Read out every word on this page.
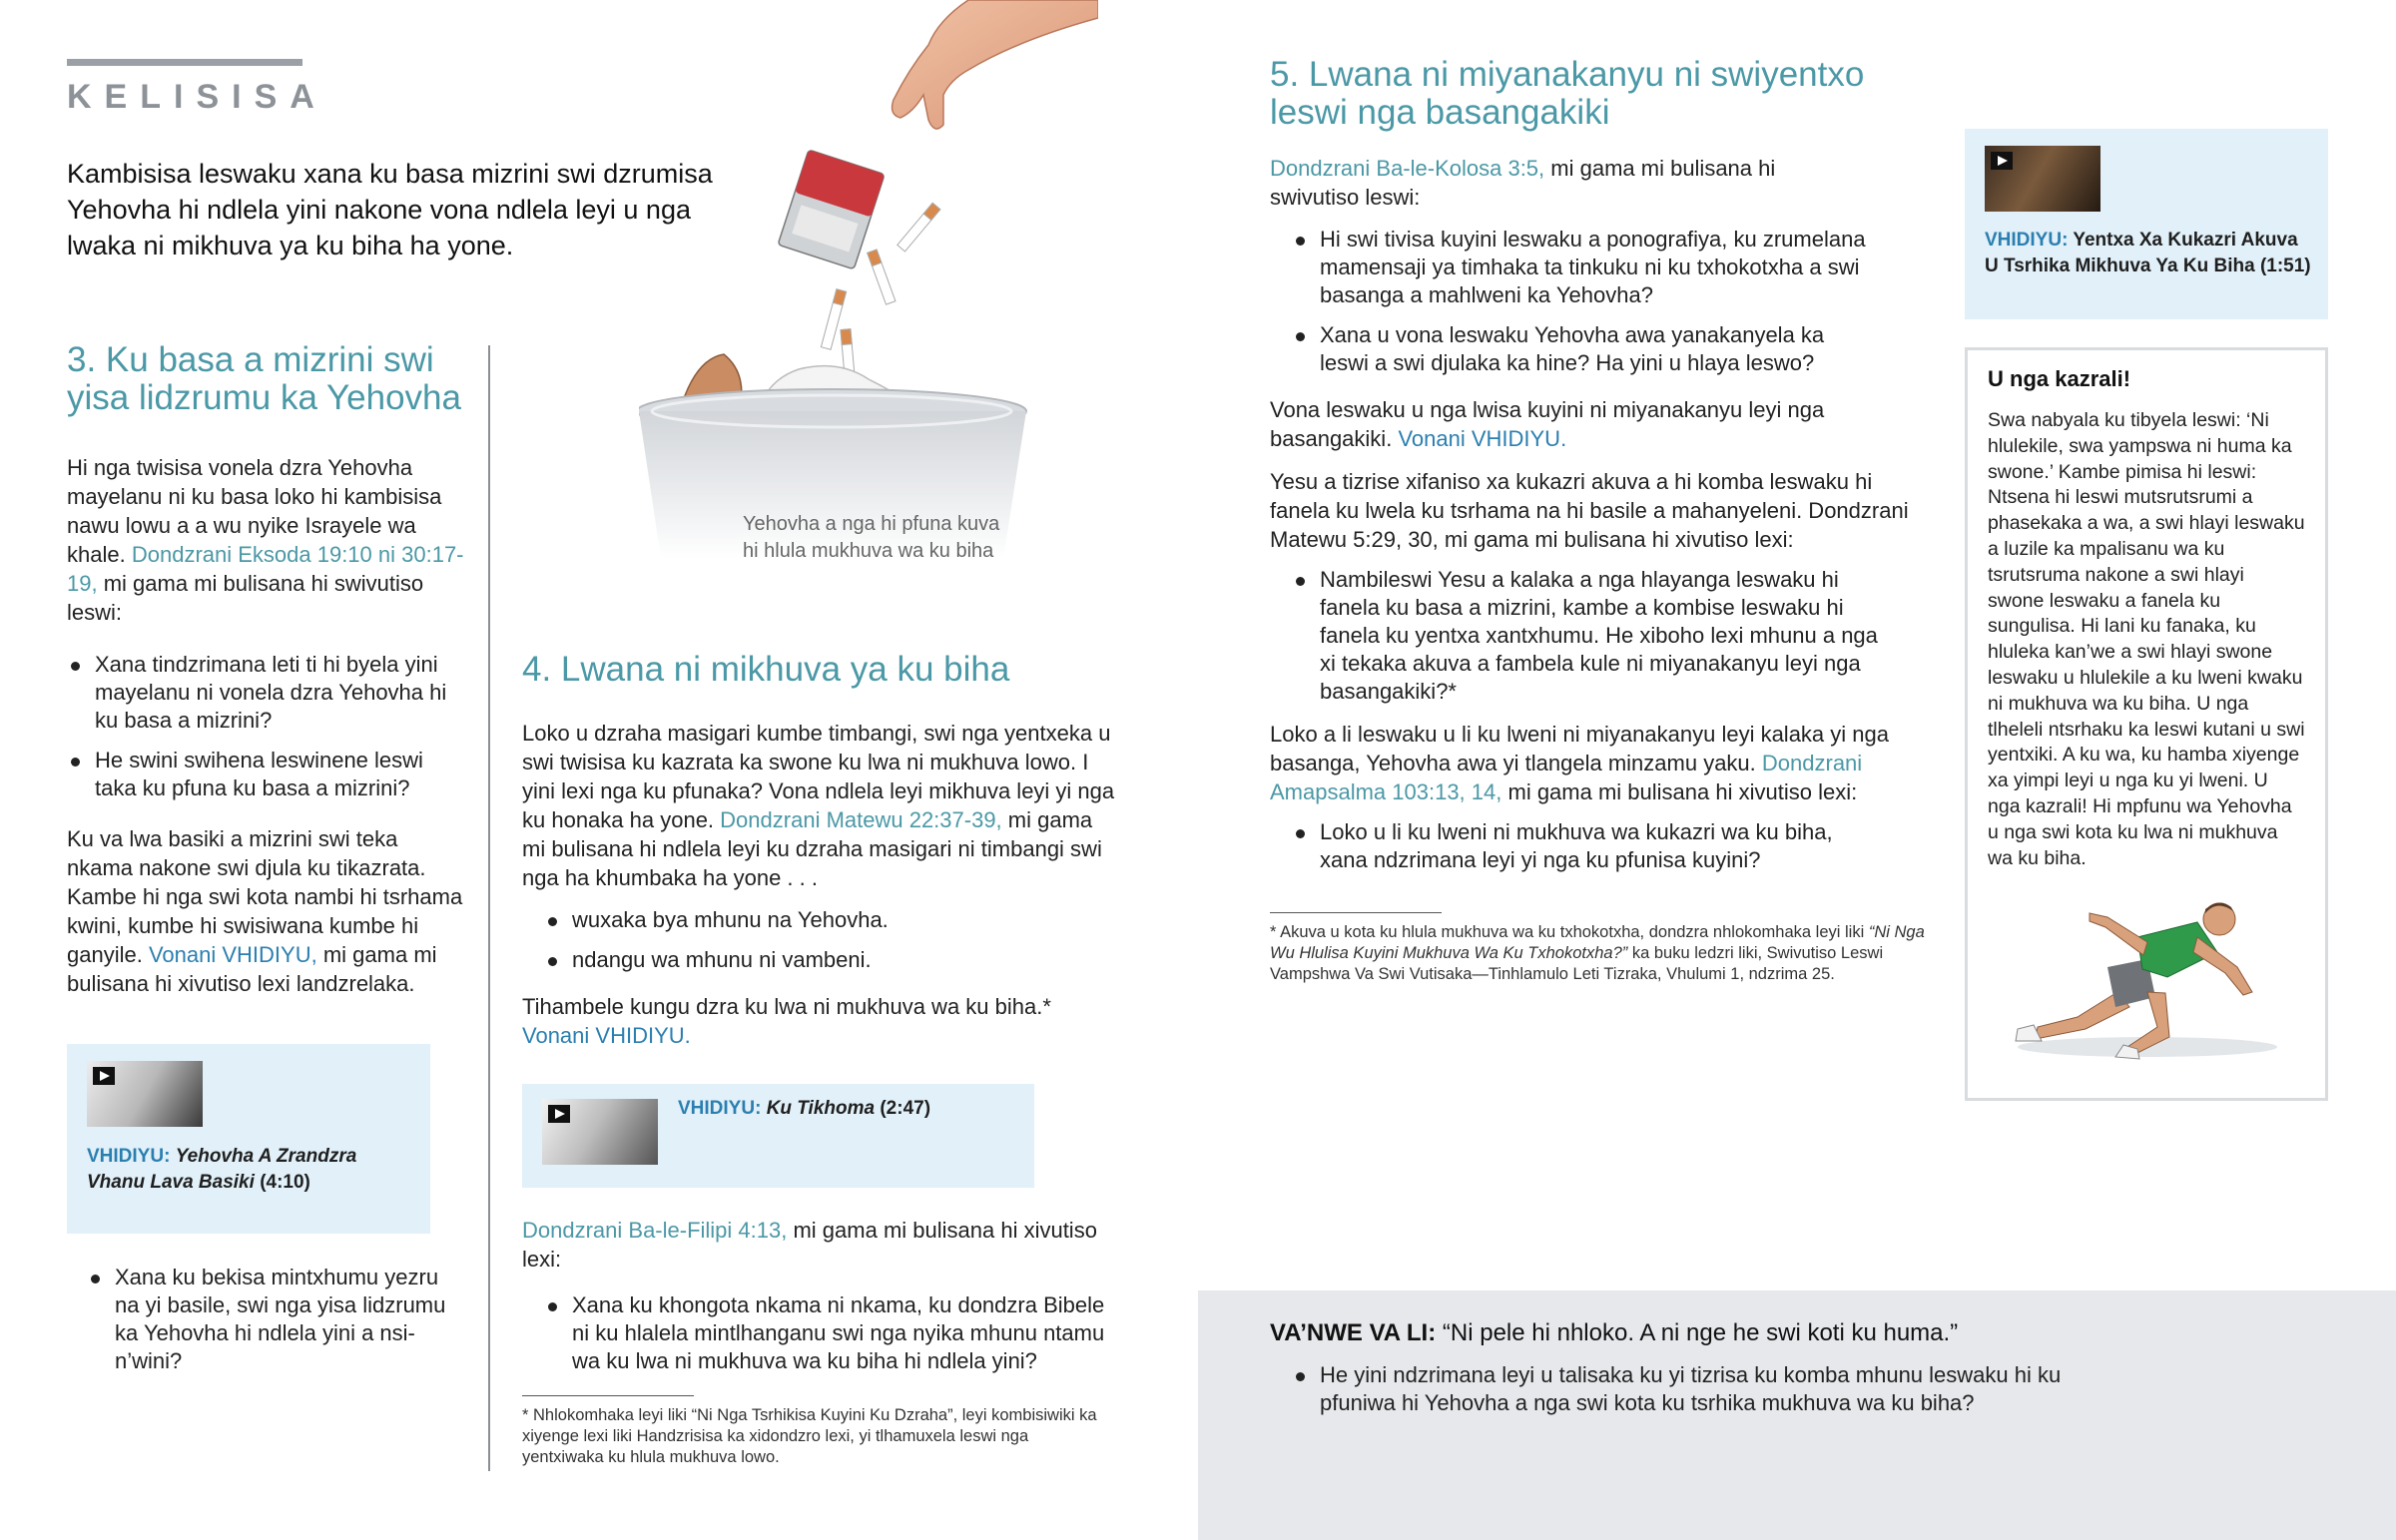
KELISISA
Kambisisa leswaku xana ku basa mizrini swi dzrumisa Yehovha hi ndlela yini nakone vona ndlela leyi u nga lwaka ni mikhuva ya ku biha ha yone.
Yehovha a nga hi pfuna kuva
hi hlula mukhuva wa ku biha
3. Ku basa a mizrini swi
yisa lidzrumu ka Yehovha

Hi nga twisisa vonela dzra Yehovha mayelanu ni ku basa loko hi kambisisa nawu lowu a a wu nyike Israyele wa khale. Dondzrani Eksoda 19:10 ni 30:17-19, mi gama mi bulisana hi swivutiso leswi:

Xana tindzrimana leti ti hi byela yini mayelanu ni vonela dzra Yehovha hi ku basa a mizrini?
He swini swihena leswinene leswi taka ku pfuna ku basa a mizrini?

Ku va lwa basiki a mizrini swi teka nkama nakone swi djula ku tikazrata. Kambe hi nga swi kota nambi hi tsrhama kwini, kumbe hi swisiwana kumbe hi ganyile. Vonani VHIDIYU, mi gama mi bulisana hi xivutiso lexi landzrelaka.

VHIDIYU: Yehovha A Zrandzra Vhanu Lava Basiki (4:10)
Xana ku bekisa mintxhumu yezru na yi basile, swi nga yisa lidzrumu ka Yehovha hi ndlela yini a nsi-n’wini?
4. Lwana ni mikhuva ya ku biha

Loko u dzraha masigari kumbe timbangi, swi nga yentxeka u swi twisisa ku kazrata ka swone ku lwa ni mukhuva lowo. I yini lexi nga ku pfunaka? Vona ndlela leyi mikhuva leyi yi nga ku honaka ha yone. Dondzrani Matewu 22:37-39, mi gama mi bulisana hi ndlela leyi ku dzraha masigari ni timbangi swi nga ha khumbaka ha yone . . .

wuxaka bya mhunu na Yehovha.
ndangu wa mhunu ni vambeni.

Tihambele kungu dzra ku lwa ni mukhuva wa ku biha.*
Vonani VHIDIYU.

VHIDIYU: Ku Tikhoma (2:47)

Dondzrani Ba-le-Filipi 4:13, mi gama mi bulisana hi xivutiso lexi:

Xana ku khongota nkama ni nkama, ku dondzra Bibele ni ku hlalela mintlhanganu swi nga nyika mhunu ntamu wa ku lwa ni mukhuva wa ku biha hi ndlela yini?
* Nhlokomhaka leyi liki “Ni Nga Tsrhikisa Kuyini Ku Dzraha”, leyi kombisiwiki ka xiyenge lexi liki Handzrisisa ka xidondzro lexi, yi tlhamuxela leswi nga yentxiwaka ku hlula mukhuva lowo.
5. Lwana ni miyanakanyu ni swiyentxo
leswi nga basangakiki

Dondzrani Ba-le-Kolosa 3:5, mi gama mi bulisana hi swivutiso leswi:

Hi swi tivisa kuyini leswaku a ponografiya, ku zrumelana mamensaji ya timhaka ta tinkuku ni ku txhokotxha a swi basanga a mahlweni ka Yehovha?
Xana u vona leswaku Yehovha awa yanakanyela ka leswi a swi djulaka ka hine? Ha yini u hlaya leswo?

Vona leswaku u nga lwisa kuyini ni miyanakanyu leyi nga basangakiki. Vonani VHIDIYU.

Yesu a tizrise xifaniso xa kukazri akuva a hi komba leswaku hi fanela ku lwela ku tsrhama na hi basile a mahanyeleni. Dondzrani Matewu 5:29, 30, mi gama mi bulisana hi xivutiso lexi:

Nambileswi Yesu a kalaka a nga hlayanga leswaku hi fanela ku basa a mizrini, kambe a kombise leswaku hi fanela ku yentxa xantxhumu. He xiboho lexi mhunu a nga xi tekaka akuva a fambela kule ni miyanakanyu leyi nga basangakiki?*

Loko a li leswaku u li ku lweni ni miyanakanyu leyi kalaka yi nga basanga, Yehovha awa yi tlangela minzamu yaku. Dondzrani Amapsalma 103:13, 14, mi gama mi bulisana hi xivutiso lexi:

Loko u li ku lweni ni mukhuva wa kukazri wa ku biha, xana ndzrimana leyi yi nga ku pfunisa kuyini?
* Akuva u kota ku hlula mukhuva wa ku txhokotxha, dondzra nhlokomhaka leyi liki “Ni Nga Wu Hlulisa Kuyini Mukhuva Wa Ku Txhokotxha?” ka buku ledzri liki, Swivutiso Leswi Vampshwa Va Swi Vutisaka—Tinhlamulo Leti Tizraka, Vhulumi 1, ndzrima 25.
VHIDIYU: Yentxa Xa Kukazri Akuva U Tsrhika Mikhuva Ya Ku Biha (1:51)
U nga kazrali!
Swa nabyala ku tibyela leswi: ‘Ni hlulekile, swa yampswa ni huma ka swone.’ Kambe pimisa hi leswi: Ntsena hi leswi mutsrutsrumi a phasekaka a wa, a swi hlayi leswaku a luzile ka mpalisanu wa ku tsrutsruma nakone a swi hlayi swone leswaku a fanela ku sungulisa. Hi lani ku fanaka, ku hluleka kan’we a swi hlayi swone leswaku u hlulekile a ku lweni kwaku ni mukhuva wa ku biha. U nga tlheleli ntsrhaku ka leswi kutani u swi yentxiki. A ku wa, ku hamba xiyenge xa yimpi leyi u nga ku yi lweni. U nga kazrali! Hi mpfunu wa Yehovha u nga swi kota ku lwa ni mukhuva wa ku biha.
VA’NWE VA LI: “Ni pele hi nhloko. A ni nge he swi koti ku huma.”
He yini ndzrimana leyi u talisaka ku yi tizrisa ku komba mhunu leswaku hi ku pfuniwa hi Yehovha a nga swi kota ku tsrhika mukhuva wa ku biha?
